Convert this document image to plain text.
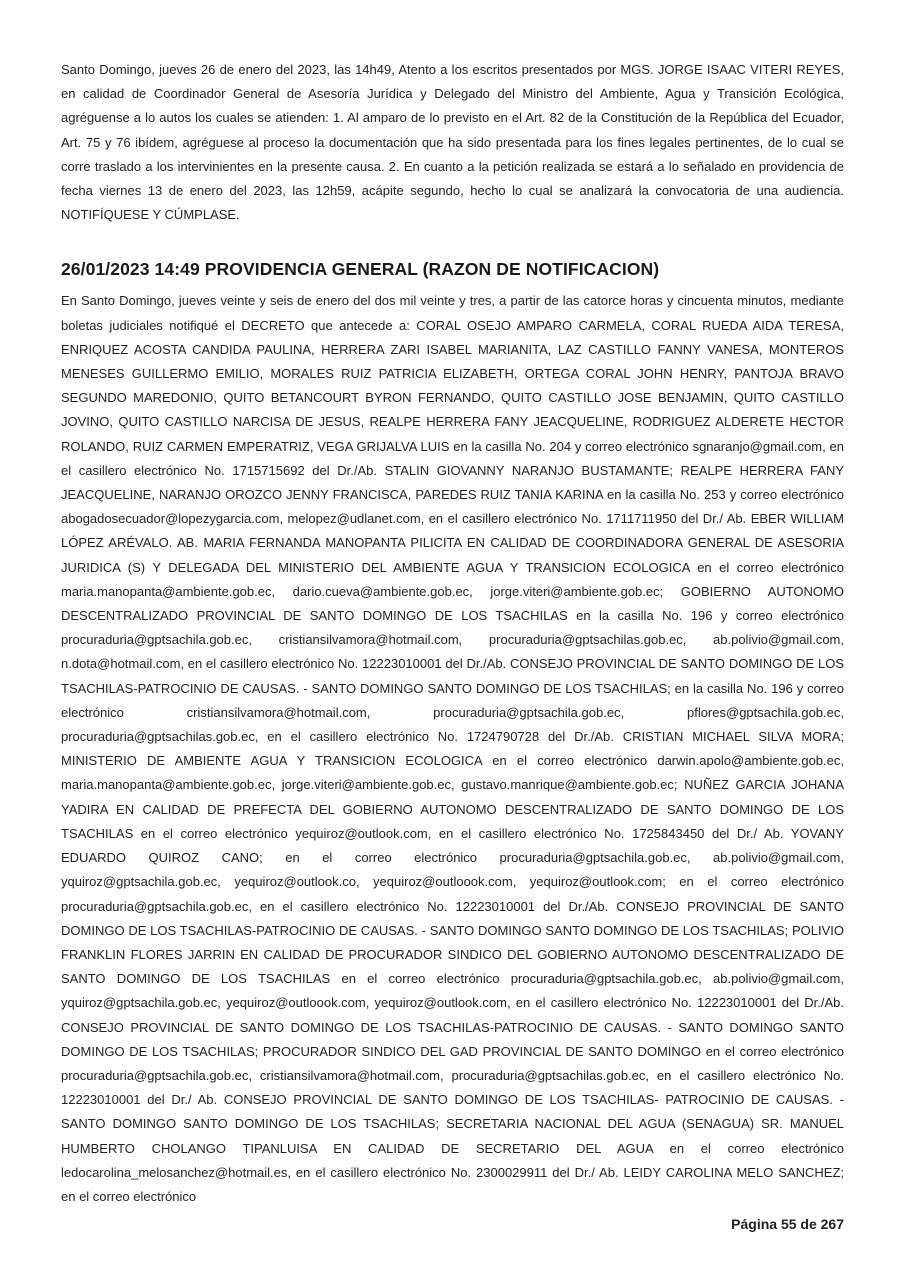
Santo Domingo, jueves 26 de enero del 2023, las 14h49, Atento a los escritos presentados por MGS. JORGE ISAAC VITERI REYES, en calidad de Coordinador General de Asesoría Jurídica y Delegado del Ministro del Ambiente, Agua y Transición Ecológica, agréguense a lo autos los cuales se atienden: 1. Al amparo de lo previsto en el Art. 82 de la Constitución de la República del Ecuador, Art. 75 y 76 ibídem, agréguese al proceso la documentación que ha sido presentada para los fines legales pertinentes, de lo cual se corre traslado a los intervinientes en la presente causa. 2. En cuanto a la petición realizada se estará a lo señalado en providencia de fecha viernes 13 de enero del 2023, las 12h59, acápite segundo, hecho lo cual se analizará la convocatoria de una audiencia. NOTIFÍQUESE Y CÚMPLASE.

26/01/2023 14:49 PROVIDENCIA GENERAL (RAZON DE NOTIFICACION)

En Santo Domingo, jueves veinte y seis de enero del dos mil veinte y tres, a partir de las catorce horas y cincuenta minutos, mediante boletas judiciales notifiqué el DECRETO que antecede a: CORAL OSEJO AMPARO CARMELA, CORAL RUEDA AIDA TERESA, ENRIQUEZ ACOSTA CANDIDA PAULINA, HERRERA ZARI ISABEL MARIANITA, LAZ CASTILLO FANNY VANESA, MONTEROS MENESES GUILLERMO EMILIO, MORALES RUIZ PATRICIA ELIZABETH, ORTEGA CORAL JOHN HENRY, PANTOJA BRAVO SEGUNDO MAREDONIO, QUITO BETANCOURT BYRON FERNANDO, QUITO CASTILLO JOSE BENJAMIN, QUITO CASTILLO JOVINO, QUITO CASTILLO NARCISA DE JESUS, REALPE HERRERA FANY JEACQUELINE, RODRIGUEZ ALDERETE HECTOR ROLANDO, RUIZ CARMEN EMPERATRIZ, VEGA GRIJALVA LUIS en la casilla No. 204 y correo electrónico sgnaranjo@gmail.com, en el casillero electrónico No. 1715715692 del Dr./Ab. STALIN GIOVANNY NARANJO BUSTAMANTE; REALPE HERRERA FANY JEACQUELINE, NARANJO OROZCO JENNY FRANCISCA, PAREDES RUIZ TANIA KARINA en la casilla No. 253 y correo electrónico abogadosecuador@lopezygarcia.com, melopez@udlanet.com, en el casillero electrónico No. 1711711950 del Dr./ Ab. EBER WILLIAM LÓPEZ ARÉVALO. AB. MARIA FERNANDA MANOPANTA PILICITA EN CALIDAD DE COORDINADORA GENERAL DE ASESORIA JURIDICA (S) Y DELEGADA DEL MINISTERIO DEL AMBIENTE AGUA Y TRANSICION ECOLOGICA en el correo electrónico maria.manopanta@ambiente.gob.ec, dario.cueva@ambiente.gob.ec, jorge.viteri@ambiente.gob.ec; GOBIERNO AUTONOMO DESCENTRALIZADO PROVINCIAL DE SANTO DOMINGO DE LOS TSACHILAS en la casilla No. 196 y correo electrónico procuraduria@gptsachila.gob.ec, cristiansilvamora@hotmail.com, procuraduria@gptsachilas.gob.ec, ab.polivio@gmail.com, n.dota@hotmail.com, en el casillero electrónico No. 12223010001 del Dr./Ab. CONSEJO PROVINCIAL DE SANTO DOMINGO DE LOS TSACHILAS-PATROCINIO DE CAUSAS. - SANTO DOMINGO SANTO DOMINGO DE LOS TSACHILAS; en la casilla No. 196 y correo electrónico cristiansilvamora@hotmail.com, procuraduria@gptsachila.gob.ec, pflores@gptsachila.gob.ec, procuraduria@gptsachilas.gob.ec, en el casillero electrónico No. 1724790728 del Dr./Ab. CRISTIAN MICHAEL SILVA MORA; MINISTERIO DE AMBIENTE AGUA Y TRANSICION ECOLOGICA en el correo electrónico darwin.apolo@ambiente.gob.ec, maria.manopanta@ambiente.gob.ec, jorge.viteri@ambiente.gob.ec, gustavo.manrique@ambiente.gob.ec; NUÑEZ GARCIA JOHANA YADIRA EN CALIDAD DE PREFECTA DEL GOBIERNO AUTONOMO DESCENTRALIZADO DE SANTO DOMINGO DE LOS TSACHILAS en el correo electrónico yequiroz@outlook.com, en el casillero electrónico No. 1725843450 del Dr./ Ab. YOVANY EDUARDO QUIROZ CANO; en el correo electrónico procuraduria@gptsachila.gob.ec, ab.polivio@gmail.com, yquiroz@gptsachila.gob.ec, yequiroz@outlook.co, yequiroz@outloook.com, yequiroz@outlook.com; en el correo electrónico procuraduria@gptsachila.gob.ec, en el casillero electrónico No. 12223010001 del Dr./Ab. CONSEJO PROVINCIAL DE SANTO DOMINGO DE LOS TSACHILAS-PATROCINIO DE CAUSAS. - SANTO DOMINGO SANTO DOMINGO DE LOS TSACHILAS; POLIVIO FRANKLIN FLORES JARRIN EN CALIDAD DE PROCURADOR SINDICO DEL GOBIERNO AUTONOMO DESCENTRALIZADO DE SANTO DOMINGO DE LOS TSACHILAS en el correo electrónico procuraduria@gptsachila.gob.ec, ab.polivio@gmail.com, yquiroz@gptsachila.gob.ec, yequiroz@outloook.com, yequiroz@outlook.com, en el casillero electrónico No. 12223010001 del Dr./Ab. CONSEJO PROVINCIAL DE SANTO DOMINGO DE LOS TSACHILAS-PATROCINIO DE CAUSAS. - SANTO DOMINGO SANTO DOMINGO DE LOS TSACHILAS; PROCURADOR SINDICO DEL GAD PROVINCIAL DE SANTO DOMINGO en el correo electrónico procuraduria@gptsachila.gob.ec, cristiansilvamora@hotmail.com, procuraduria@gptsachilas.gob.ec, en el casillero electrónico No. 12223010001 del Dr./ Ab. CONSEJO PROVINCIAL DE SANTO DOMINGO DE LOS TSACHILAS- PATROCINIO DE CAUSAS. - SANTO DOMINGO SANTO DOMINGO DE LOS TSACHILAS; SECRETARIA NACIONAL DEL AGUA (SENAGUA) SR. MANUEL HUMBERTO CHOLANGO TIPANLUISA EN CALIDAD DE SECRETARIO DEL AGUA en el correo electrónico ledocarolina_melosanchez@hotmail.es, en el casillero electrónico No. 2300029911 del Dr./ Ab. LEIDY CAROLINA MELO SANCHEZ; en el correo electrónico

Página 55 de 267
